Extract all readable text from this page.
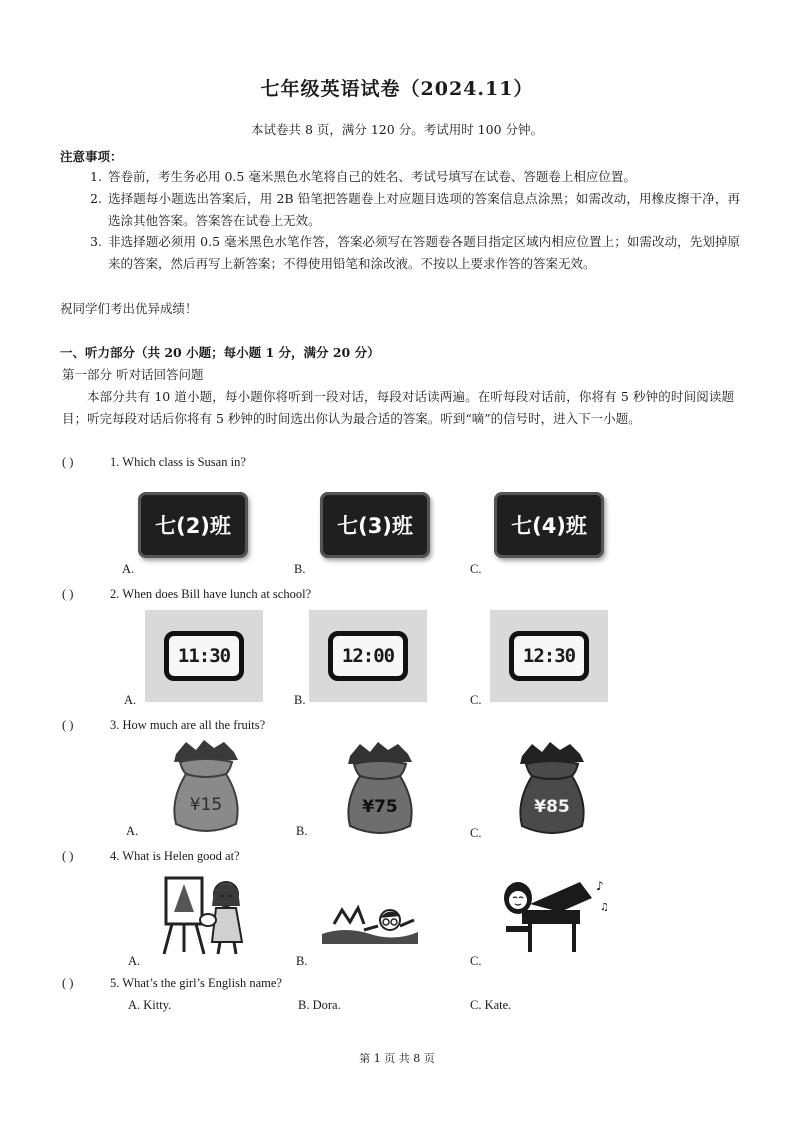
七年级英语试卷（2024.11）
本试卷共 8 页，满分 120 分。考试用时 100 分钟。
注意事项：
1. 答卷前，考生务必用 0.5 毫米黑色水笔将自己的姓名、考试号填写在试卷、答题卷上相应位置。
2. 选择题每小题选出答案后，用 2B 铅笔把答题卷上对应题目选项的答案信息点涂黑；如需改动，用橡皮擦干净，再选涂其他答案。答案答在试卷上无效。
3. 非选择题必须用 0.5 毫米黑色水笔作答，答案必须写在答题卷各题目指定区域内相应位置上；如需改动，先划掉原来的答案，然后再写上新答案；不得使用铅笔和涂改液。不按以上要求作答的答案无效。
祝同学们考出优异成绩！
一、听力部分（共 20 小题；每小题 1 分，满分 20 分）
第一部分 听对话回答问题
本部分共有 10 道小题，每小题你将听到一段对话，每段对话读两遍。在听每段对话前，你将有 5 秒钟的时间阅读题目；听完每段对话后你将有 5 秒钟的时间选出你认为最合适的答案。听到“嘀”的信号时，进入下一小题。
( )	1. Which class is Susan in?
七(2)班	七(3)班	七(4)班
A.	B.	C.
( )	2. When does Bill have lunch at school?
11:30	12:00	12:30
A.	B.	C.
( )	3. How much are all the fruits?
¥15	¥75	¥85
A.	B.	C.
( )	4. What is Helen good at?
♪
♫
A.	B.	C.
( )	5. What’s the girl’s English name?
A. Kitty.	B. Dora.	C. Kate.
第 1 页 共 8 页
